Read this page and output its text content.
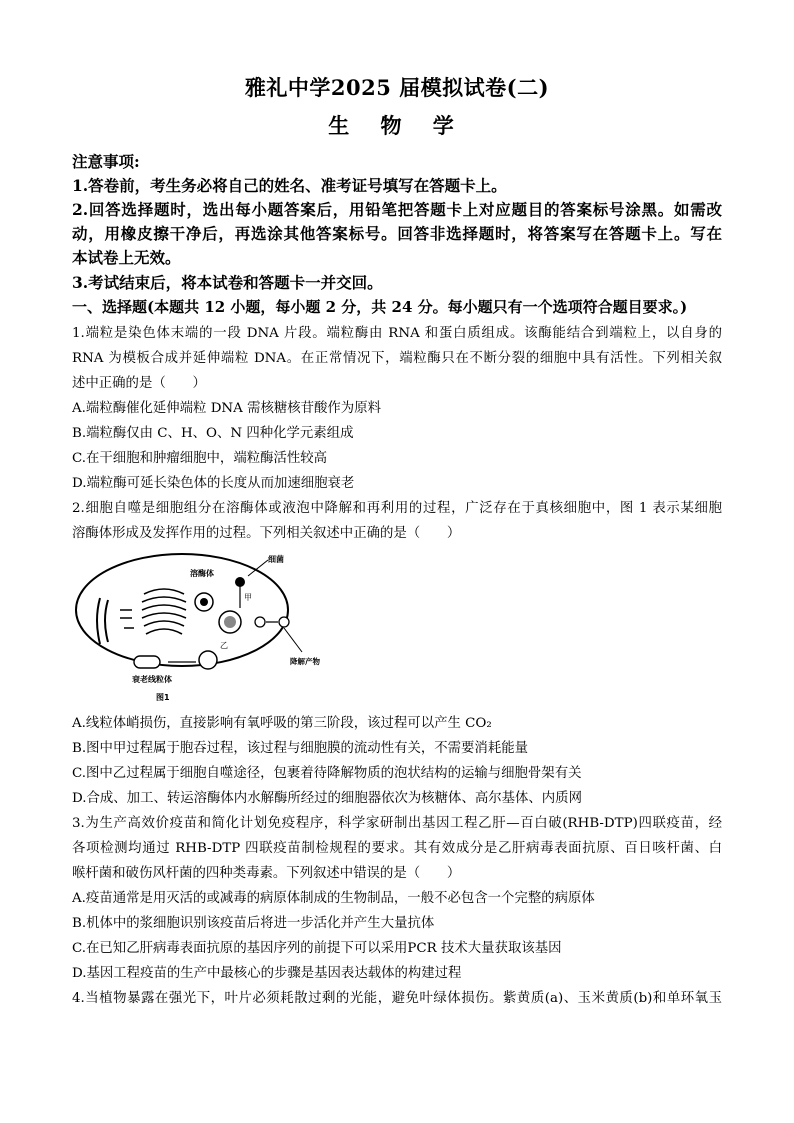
雅礼中学2025 届模拟试卷(二)
生 物 学
注意事项:
1.答卷前，考生务必将自己的姓名、准考证号填写在答题卡上。
2.回答选择题时，选出每小题答案后，用铅笔把答题卡上对应题目的答案标号涂黑。如需改
动，用橡皮擦干净后，再选涂其他答案标号。回答非选择题时，将答案写在答题卡上。写在
本试卷上无效。
3.考试结束后，将本试卷和答题卡一并交回。
一、选择题(本题共 12 小题，每小题 2 分，共 24 分。每小题只有一个选项符合题目要求。)
1.端粒是染色体末端的一段 DNA 片段。端粒酶由 RNA 和蛋白质组成。该酶能结合到端粒上，以自身的
RNA 为模板合成并延伸端粒 DNA。在正常情况下，端粒酶只在不断分裂的细胞中具有活性。下列相关叙
述中正确的是（　　）
A.端粒酶催化延伸端粒 DNA 需核糖核苷酸作为原料
B.端粒酶仅由 C、H、O、N 四种化学元素组成
C.在干细胞和肿瘤细胞中，端粒酶活性较高
D.端粒酶可延长染色体的长度从而加速细胞衰老
2.细胞自噬是细胞组分在溶酶体或液泡中降解和再利用的过程，广泛存在于真核细胞中，图 1 表示某细胞
溶酶体形成及发挥作用的过程。下列相关叙述中正确的是（　　）
溶酶体
细菌
甲
乙
降解产物
衰老线粒体
图1
A.线粒体峭损伤，直接影响有氧呼吸的第三阶段，该过程可以产生 CO₂
B.图中甲过程属于胞吞过程，该过程与细胞膜的流动性有关，不需要消耗能量
C.图中乙过程属于细胞自噬途径，包裹着待降解物质的泡状结构的运输与细胞骨架有关
D.合成、加工、转运溶酶体内水解酶所经过的细胞器依次为核糖体、高尔基体、内质网
3.为生产高效价疫苗和简化计划免疫程序，科学家研制出基因工程乙肝—百白破(RHB-DTP)四联疫苗，经
各项检测均通过 RHB-DTP 四联疫苗制检规程的要求。其有效成分是乙肝病毒表面抗原、百日咳杆菌、白
喉杆菌和破伤风杆菌的四种类毒素。下列叙述中错误的是（　　）
A.疫苗通常是用灭活的或减毒的病原体制成的生物制品，一般不必包含一个完整的病原体
B.机体中的浆细胞识别该疫苗后将进一步活化并产生大量抗体
C.在已知乙肝病毒表面抗原的基因序列的前提下可以采用PCR 技术大量获取该基因
D.基因工程疫苗的生产中最核心的步骤是基因表达载体的构建过程
4.当植物暴露在强光下，叶片必须耗散过剩的光能，避免叶绿体损伤。紫黄质(a)、玉米黄质(b)和单环氧玉
